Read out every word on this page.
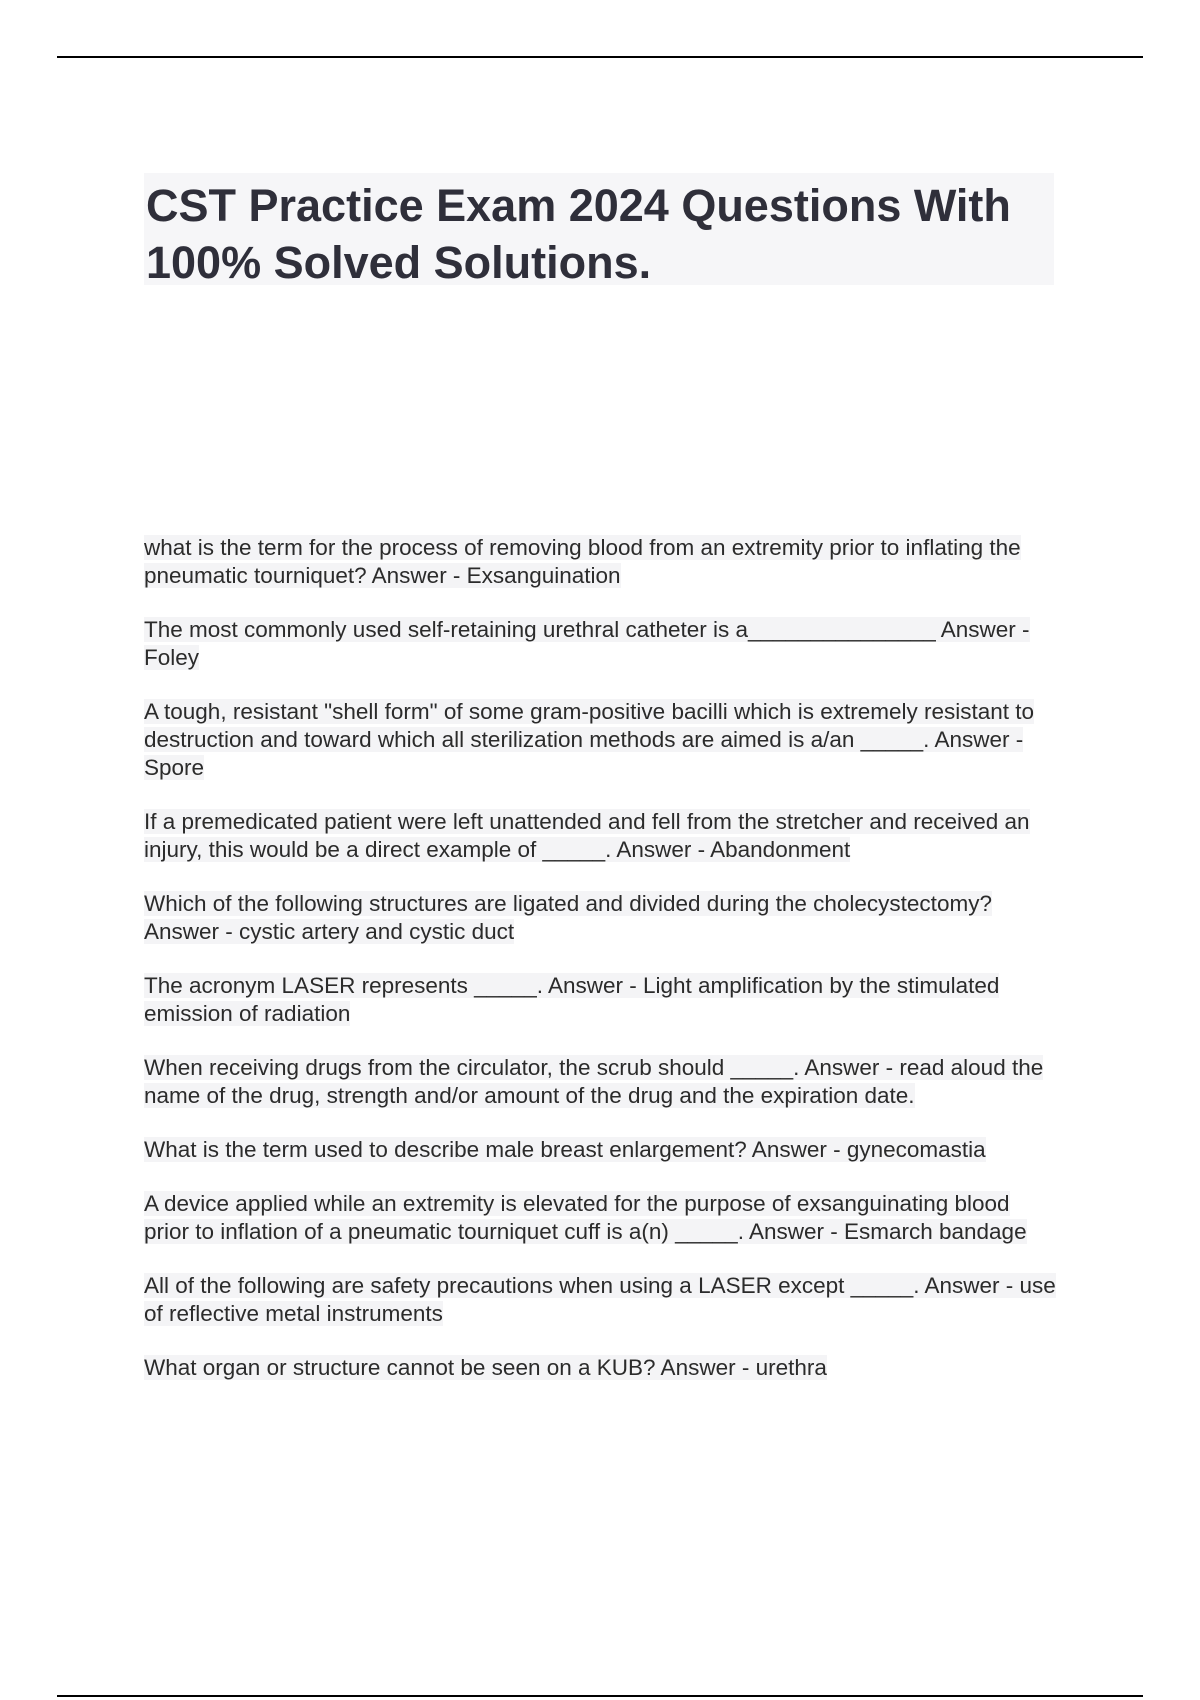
CST Practice Exam 2024 Questions With 100% Solved Solutions.

what is the term for the process of removing blood from an extremity prior to inflating the pneumatic tourniquet? Answer - Exsanguination

The most commonly used self-retaining urethral catheter is a_______________ Answer - Foley

A tough, resistant "shell form" of some gram-positive bacilli which is extremely resistant to destruction and toward which all sterilization methods are aimed is a/an _____. Answer - Spore

If a premedicated patient were left unattended and fell from the stretcher and received an injury, this would be a direct example of _____. Answer - Abandonment

Which of the following structures are ligated and divided during the cholecystectomy? Answer - cystic artery and cystic duct

The acronym LASER represents _____. Answer - Light amplification by the stimulated emission of radiation

When receiving drugs from the circulator, the scrub should _____. Answer - read aloud the name of the drug, strength and/or amount of the drug and the expiration date.

What is the term used to describe male breast enlargement? Answer - gynecomastia

A device applied while an extremity is elevated for the purpose of exsanguinating blood prior to inflation of a pneumatic tourniquet cuff is a(n) _____. Answer - Esmarch bandage

All of the following are safety precautions when using a LASER except _____. Answer - use of reflective metal instruments

What organ or structure cannot be seen on a KUB? Answer - urethra
